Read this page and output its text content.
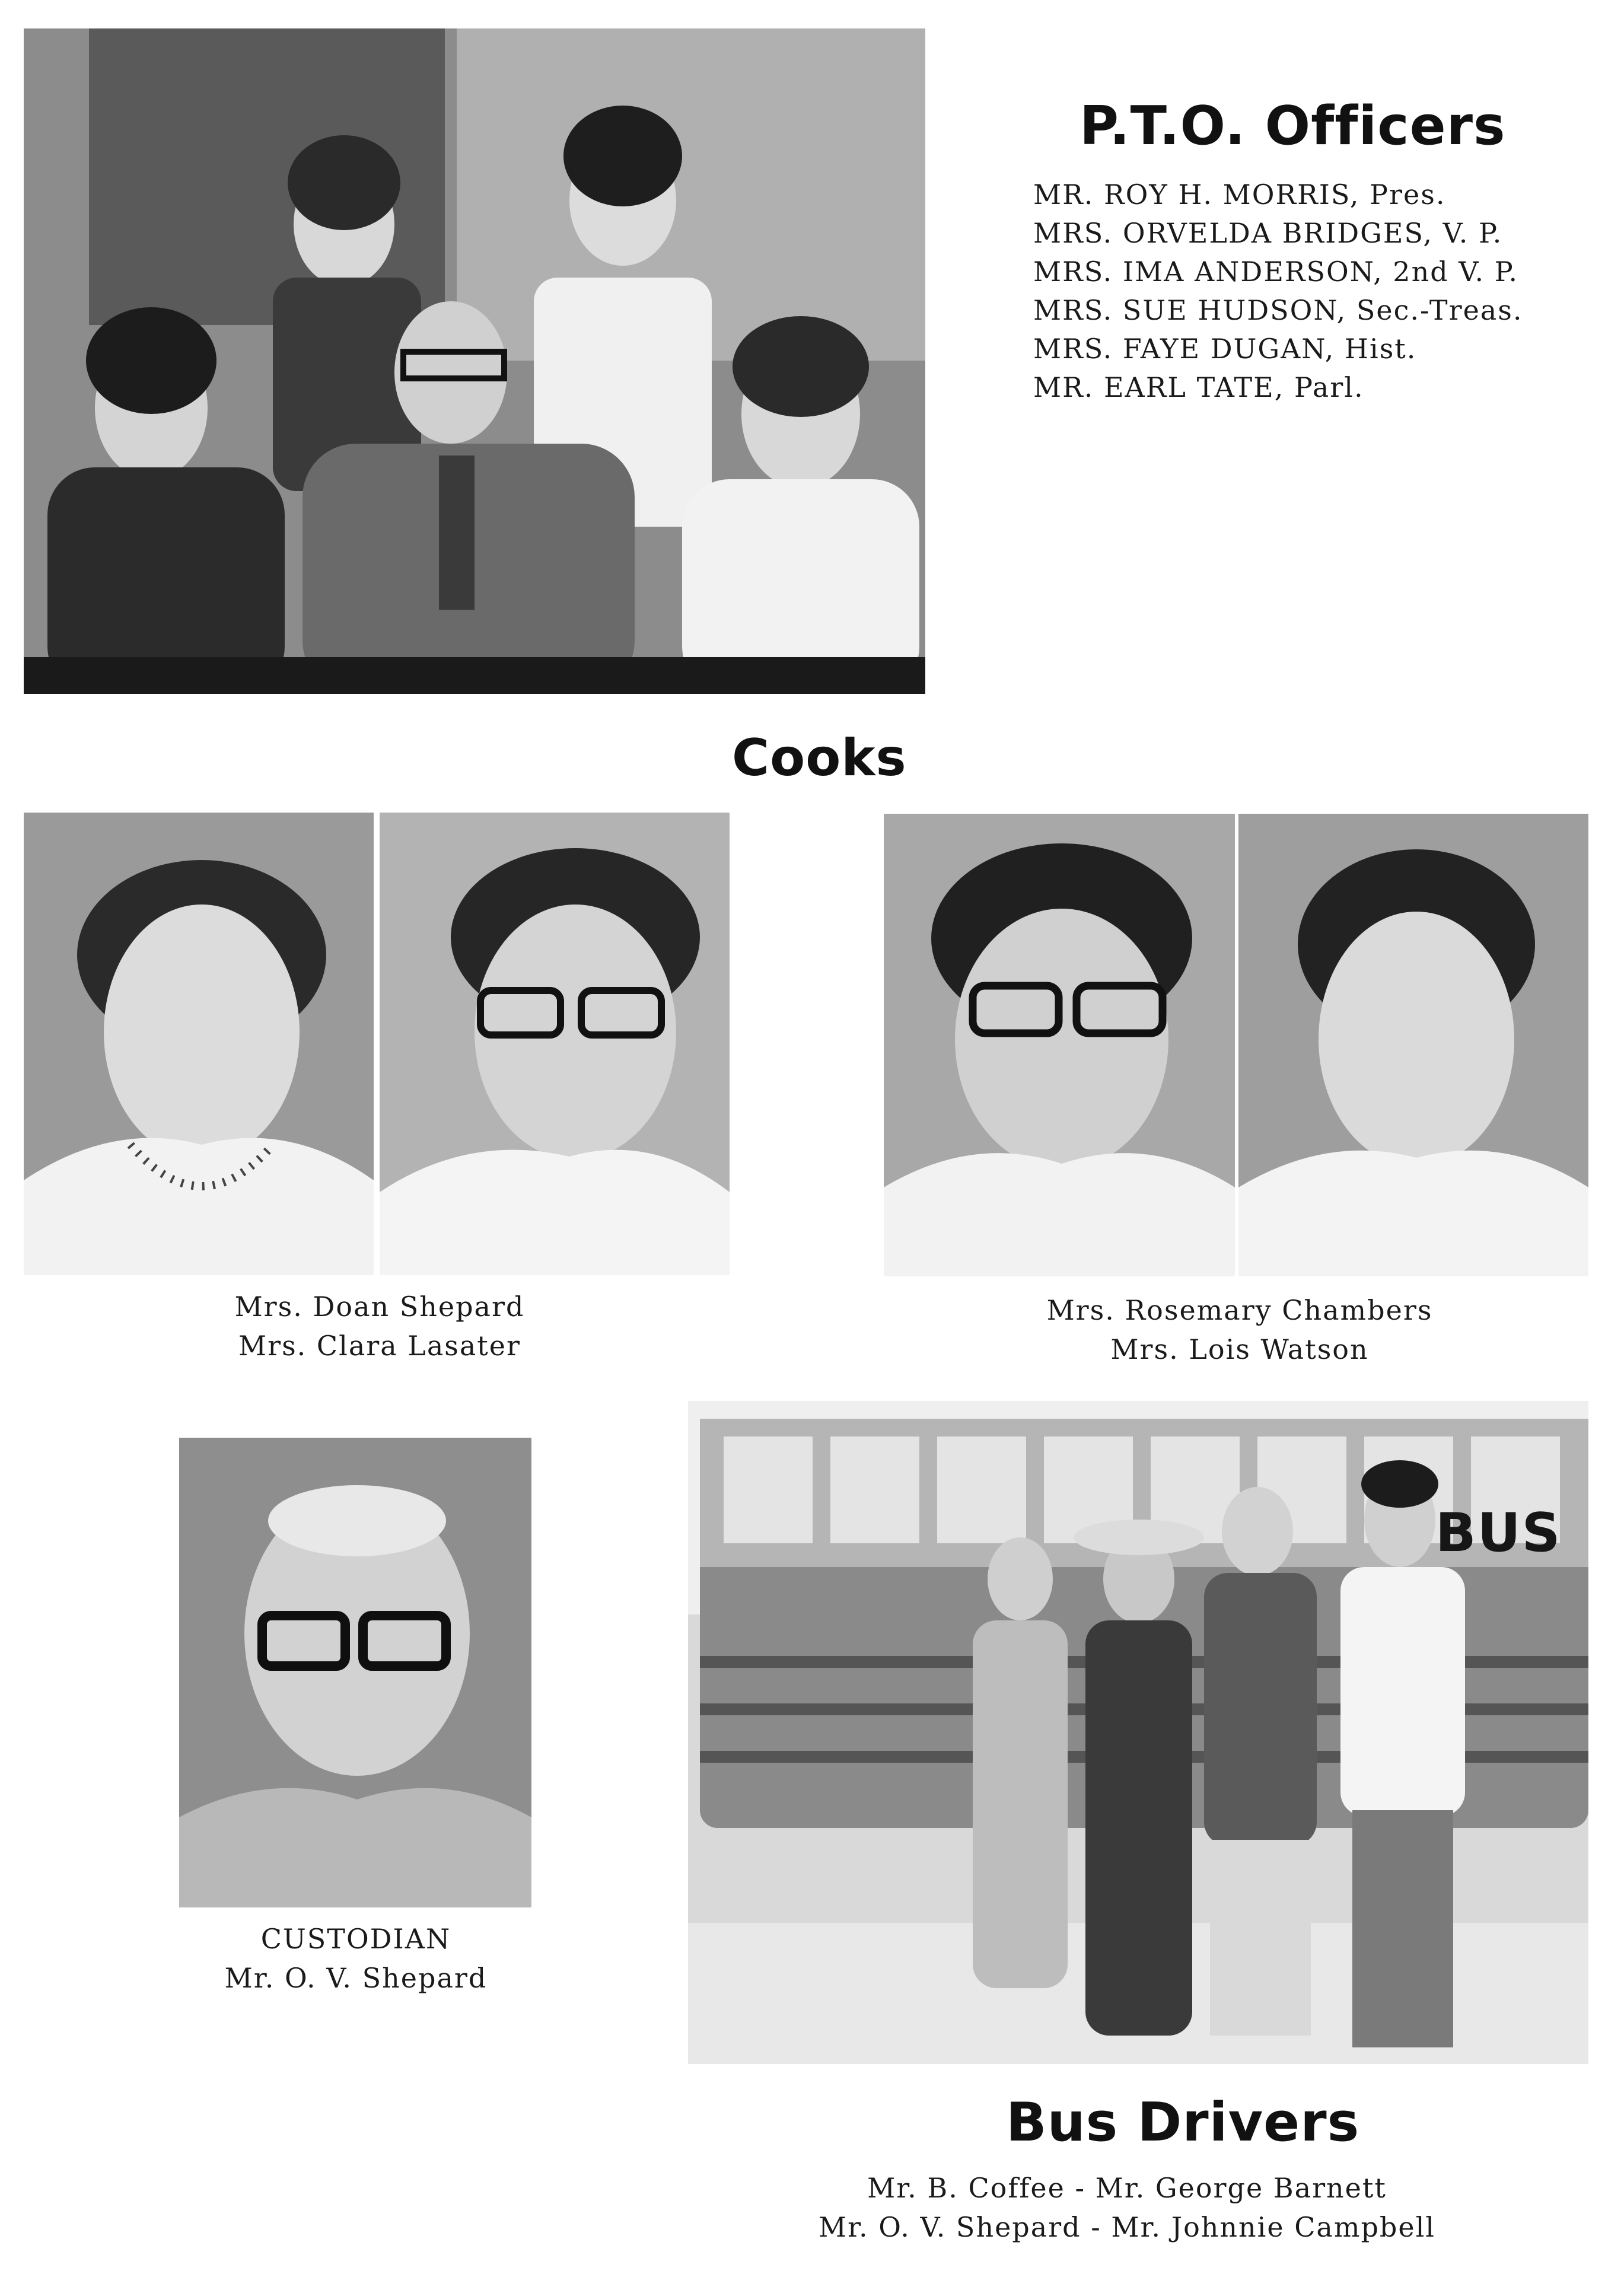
P.T.O. Officers
MR. ROY H. MORRIS, Pres.
MRS. ORVELDA BRIDGES, V. P.
MRS. IMA ANDERSON, 2nd V. P.
MRS. SUE HUDSON, Sec.-Treas.
MRS. FAYE DUGAN, Hist.
MR. EARL TATE, Parl.
Cooks
Mrs. Doan Shepard
Mrs. Clara Lasater
Mrs. Rosemary Chambers
Mrs. Lois Watson
CUSTODIAN
Mr. O. V. Shepard
BUS
Bus Drivers
Mr. B. Coffee - Mr. George Barnett
Mr. O. V. Shepard - Mr. Johnnie Campbell
